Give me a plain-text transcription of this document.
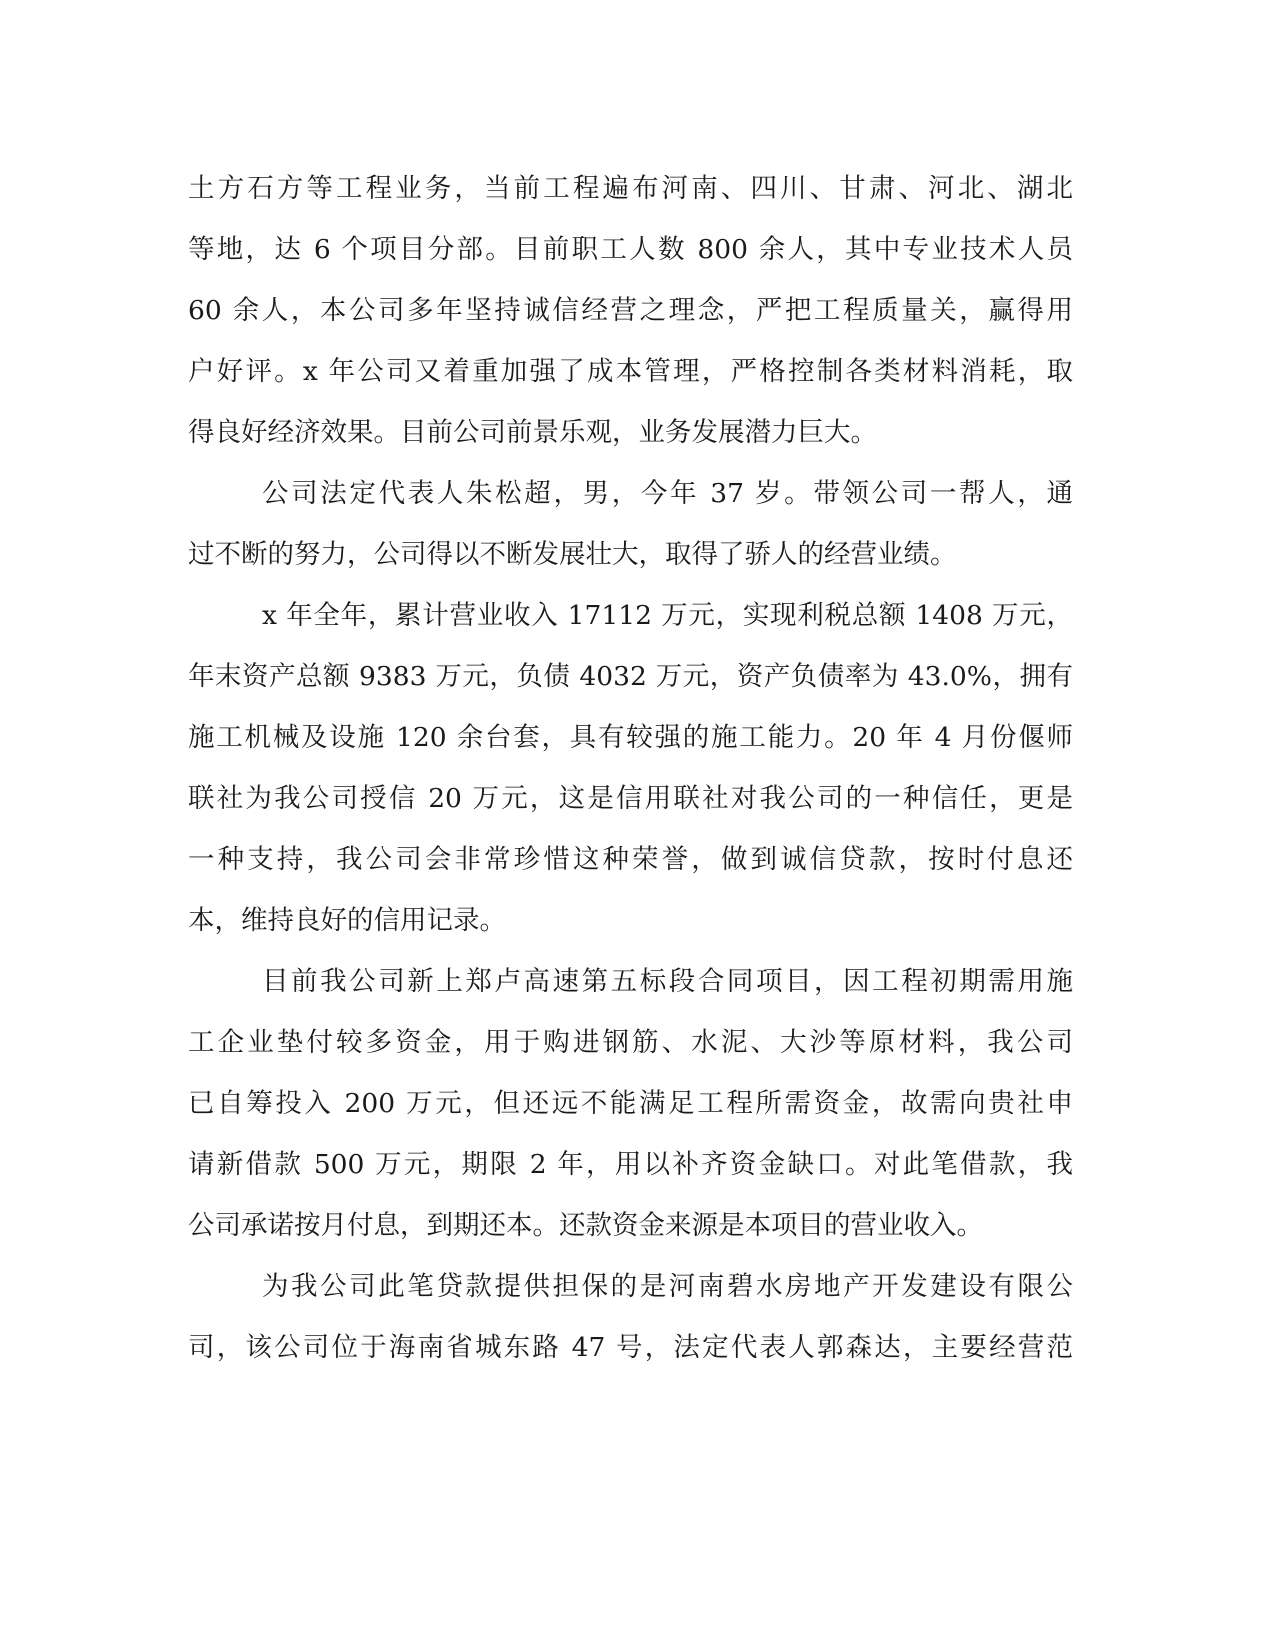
土方石方等工程业务，当前工程遍布河南、四川、甘肃、河北、湖北
等地，达 6 个项目分部。目前职工人数 800 余人，其中专业技术人员
60 余人，本公司多年坚持诚信经营之理念，严把工程质量关，赢得用
户好评。x 年公司又着重加强了成本管理，严格控制各类材料消耗，取
得良好经济效果。目前公司前景乐观，业务发展潜力巨大。
公司法定代表人朱松超，男，今年 37 岁。带领公司一帮人，通
过不断的努力，公司得以不断发展壮大，取得了骄人的经营业绩。
x 年全年，累计营业收入 17112 万元，实现利税总额 1408 万元，
年末资产总额 9383 万元，负债 4032 万元，资产负债率为 43.0%，拥有
施工机械及设施 120 余台套，具有较强的施工能力。20 年 4 月份偃师
联社为我公司授信 20 万元，这是信用联社对我公司的一种信任，更是
一种支持，我公司会非常珍惜这种荣誉，做到诚信贷款，按时付息还
本，维持良好的信用记录。
目前我公司新上郑卢高速第五标段合同项目，因工程初期需用施
工企业垫付较多资金，用于购进钢筋、水泥、大沙等原材料，我公司
已自筹投入 200 万元，但还远不能满足工程所需资金，故需向贵社申
请新借款 500 万元，期限 2 年，用以补齐资金缺口。对此笔借款，我
公司承诺按月付息，到期还本。还款资金来源是本项目的营业收入。
为我公司此笔贷款提供担保的是河南碧水房地产开发建设有限公
司，该公司位于海南省城东路 47 号，法定代表人郭森达，主要经营范
